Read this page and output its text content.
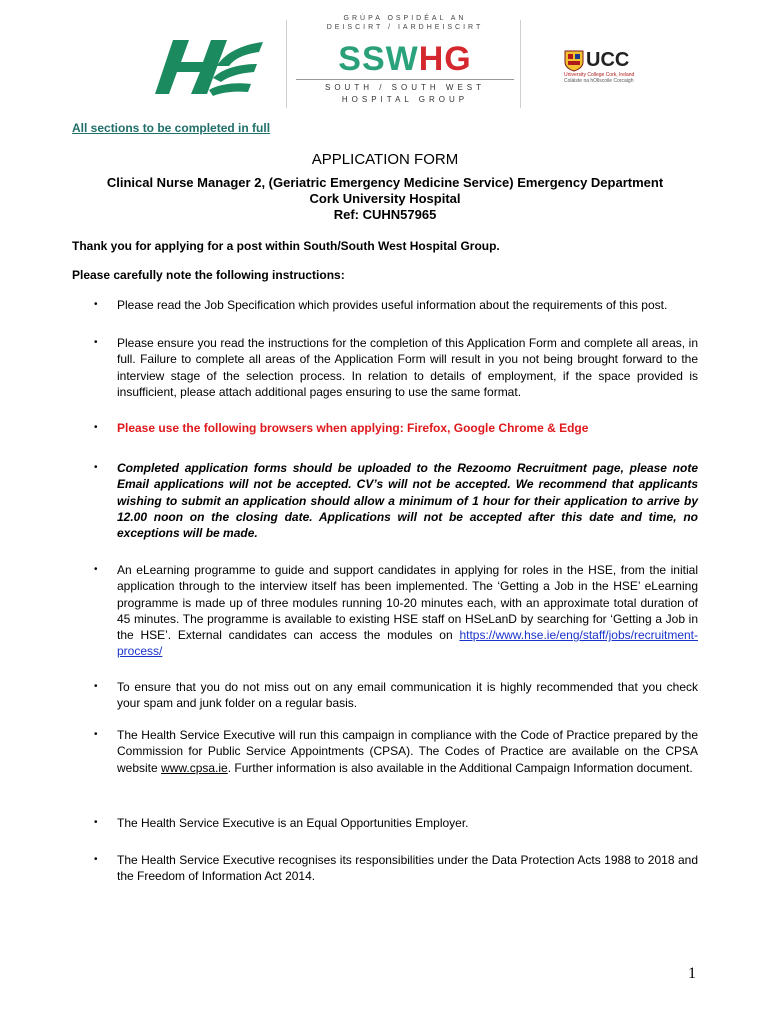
GRÚPA OSPIDÉAL AN
DEISCIRT / IARDHEISCIRT
SSWHG
SOUTH / SOUTH WEST
HOSPITAL GROUP
UCC
University College Cork, Ireland
Coláiste na hOllscoile Corcaigh
All sections to be completed in full
APPLICATION FORM
Clinical Nurse Manager 2, (Geriatric Emergency Medicine Service) Emergency Department
Cork University Hospital
Ref: CUHN57965
Thank you for applying for a post within South/South West Hospital Group.
Please carefully note the following instructions:
• Please read the Job Specification which provides useful information about the requirements of this post.
• Please ensure you read the instructions for the completion of this Application Form and complete all areas, in full. Failure to complete all areas of the Application Form will result in you not being brought forward to the interview stage of the selection process. In relation to details of employment, if the space provided is insufficient, please attach additional pages ensuring to use the same format.
• Please use the following browsers when applying: Firefox, Google Chrome & Edge
• Completed application forms should be uploaded to the Rezoomo Recruitment page, please note Email applications will not be accepted. CV’s will not be accepted. We recommend that applicants wishing to submit an application should allow a minimum of 1 hour for their application to arrive by 12.00 noon on the closing date. Applications will not be accepted after this date and time, no exceptions will be made.
• An eLearning programme to guide and support candidates in applying for roles in the HSE, from the initial application through to the interview itself has been implemented. The ‘Getting a Job in the HSE’ eLearning programme is made up of three modules running 10-20 minutes each, with an approximate total duration of 45 minutes. The programme is available to existing HSE staff on HSeLanD by searching for ‘Getting a Job in the HSE’. External candidates can access the modules on https://www.hse.ie/eng/staff/jobs/recruitment-process/
• To ensure that you do not miss out on any email communication it is highly recommended that you check your spam and junk folder on a regular basis.
• The Health Service Executive will run this campaign in compliance with the Code of Practice prepared by the Commission for Public Service Appointments (CPSA). The Codes of Practice are available on the CPSA website www.cpsa.ie. Further information is also available in the Additional Campaign Information document.
• The Health Service Executive is an Equal Opportunities Employer.
• The Health Service Executive recognises its responsibilities under the Data Protection Acts 1988 to 2018 and the Freedom of Information Act 2014.
1
